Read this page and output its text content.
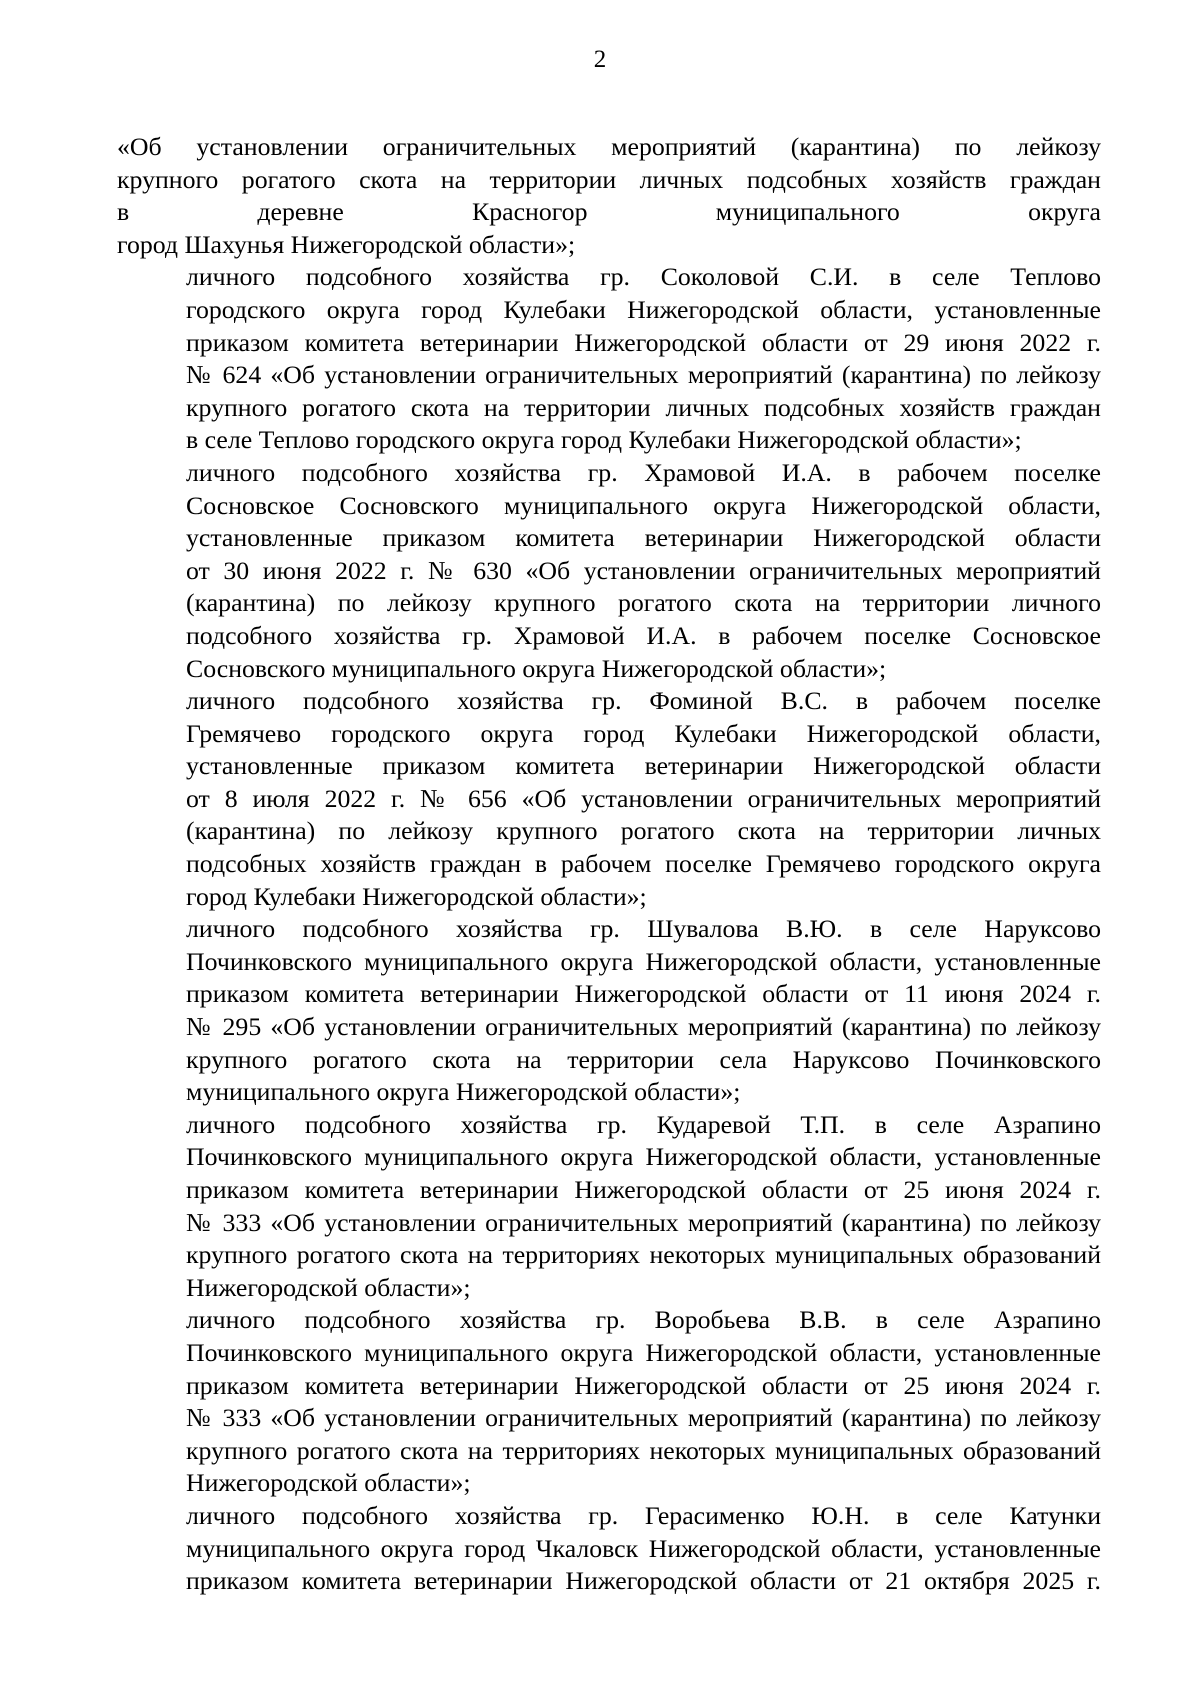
2
«Об установлении ограничительных мероприятий (карантина) по лейкозу
крупного рогатого скота на территории личных подсобных хозяйств граждан
в деревне Красногор муниципального округа
город Шахунья Нижегородской области»;
личного подсобного хозяйства гр. Соколовой С.И. в селе Теплово
городского округа город Кулебаки Нижегородской области, установленные
приказом комитета ветеринарии Нижегородской области от 29 июня 2022 г.
№ 624 «Об установлении ограничительных мероприятий (карантина) по лейкозу
крупного рогатого скота на территории личных подсобных хозяйств граждан
в селе Теплово городского округа город Кулебаки Нижегородской области»;
личного подсобного хозяйства гр. Храмовой И.А. в рабочем поселке
Сосновское Сосновского муниципального округа Нижегородской области,
установленные приказом комитета ветеринарии Нижегородской области
от 30 июня 2022 г. № 630 «Об установлении ограничительных мероприятий
(карантина) по лейкозу крупного рогатого скота на территории личного
подсобного хозяйства гр. Храмовой И.А. в рабочем поселке Сосновское
Сосновского муниципального округа Нижегородской области»;
личного подсобного хозяйства гр. Фоминой В.С. в рабочем поселке
Гремячево городского округа город Кулебаки Нижегородской области,
установленные приказом комитета ветеринарии Нижегородской области
от 8 июля 2022 г. № 656 «Об установлении ограничительных мероприятий
(карантина) по лейкозу крупного рогатого скота на территории личных
подсобных хозяйств граждан в рабочем поселке Гремячево городского округа
город Кулебаки Нижегородской области»;
личного подсобного хозяйства гр. Шувалова В.Ю. в селе Наруксово
Починковского муниципального округа Нижегородской области, установленные
приказом комитета ветеринарии Нижегородской области от 11 июня 2024 г.
№ 295 «Об установлении ограничительных мероприятий (карантина) по лейкозу
крупного рогатого скота на территории села Наруксово Починковского
муниципального округа Нижегородской области»;
личного подсобного хозяйства гр. Кударевой Т.П. в селе Азрапино
Починковского муниципального округа Нижегородской области, установленные
приказом комитета ветеринарии Нижегородской области от 25 июня 2024 г.
№ 333 «Об установлении ограничительных мероприятий (карантина) по лейкозу
крупного рогатого скота на территориях некоторых муниципальных образований
Нижегородской области»;
личного подсобного хозяйства гр. Воробьева В.В. в селе Азрапино
Починковского муниципального округа Нижегородской области, установленные
приказом комитета ветеринарии Нижегородской области от 25 июня 2024 г.
№ 333 «Об установлении ограничительных мероприятий (карантина) по лейкозу
крупного рогатого скота на территориях некоторых муниципальных образований
Нижегородской области»;
личного подсобного хозяйства гр. Герасименко Ю.Н. в селе Катунки
муниципального округа город Чкаловск Нижегородской области, установленные
приказом комитета ветеринарии Нижегородской области от 21 октября 2025 г.
